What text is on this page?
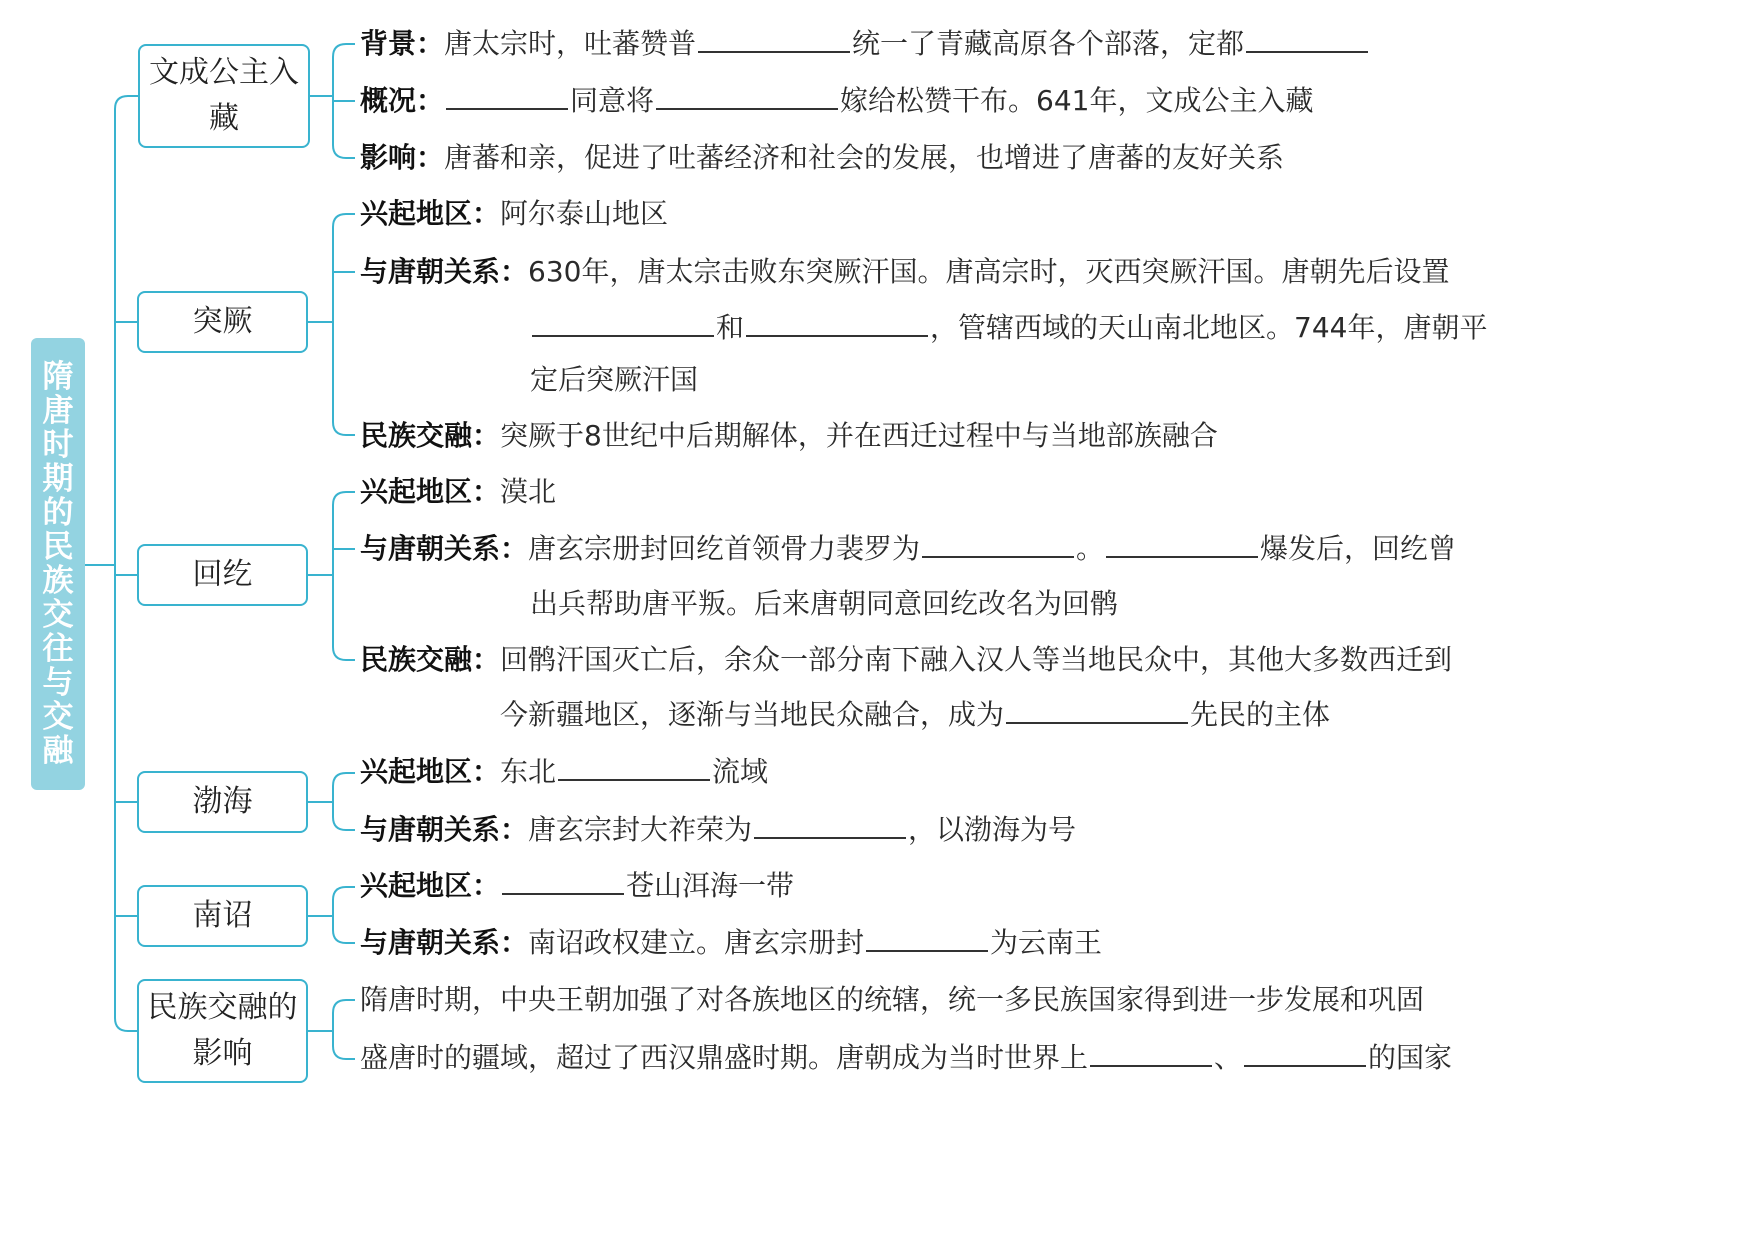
隋唐时期的民族交往与交融
文成公主入藏
突厥
回纥
渤海
南诏
民族交融的影响
背景：唐太宗时，吐蕃赞普	统一了青藏高原各个部落，定都
概况：	同意将	嫁给松赞干布。641年，文成公主入藏
影响：唐蕃和亲，促进了吐蕃经济和社会的发展，也增进了唐蕃的友好关系
兴起地区：阿尔泰山地区
与唐朝关系：630年，唐太宗击败东突厥汗国。唐高宗时，灭西突厥汗国。唐朝先后设置
和	，管辖西域的天山南北地区。744年，唐朝平
定后突厥汗国
民族交融：突厥于8世纪中后期解体，并在西迁过程中与当地部族融合
兴起地区：漠北
与唐朝关系：唐玄宗册封回纥首领骨力裴罗为	。	爆发后，回纥曾
出兵帮助唐平叛。后来唐朝同意回纥改名为回鹘
民族交融：回鹘汗国灭亡后，余众一部分南下融入汉人等当地民众中，其他大多数西迁到
今新疆地区，逐渐与当地民众融合，成为	先民的主体
兴起地区：东北	流域
与唐朝关系：唐玄宗封大祚荣为	，以渤海为号
兴起地区：	苍山洱海一带
与唐朝关系：南诏政权建立。唐玄宗册封	为云南王
隋唐时期，中央王朝加强了对各族地区的统辖，统一多民族国家得到进一步发展和巩固
盛唐时的疆域，超过了西汉鼎盛时期。唐朝成为当时世界上	、	的国家
